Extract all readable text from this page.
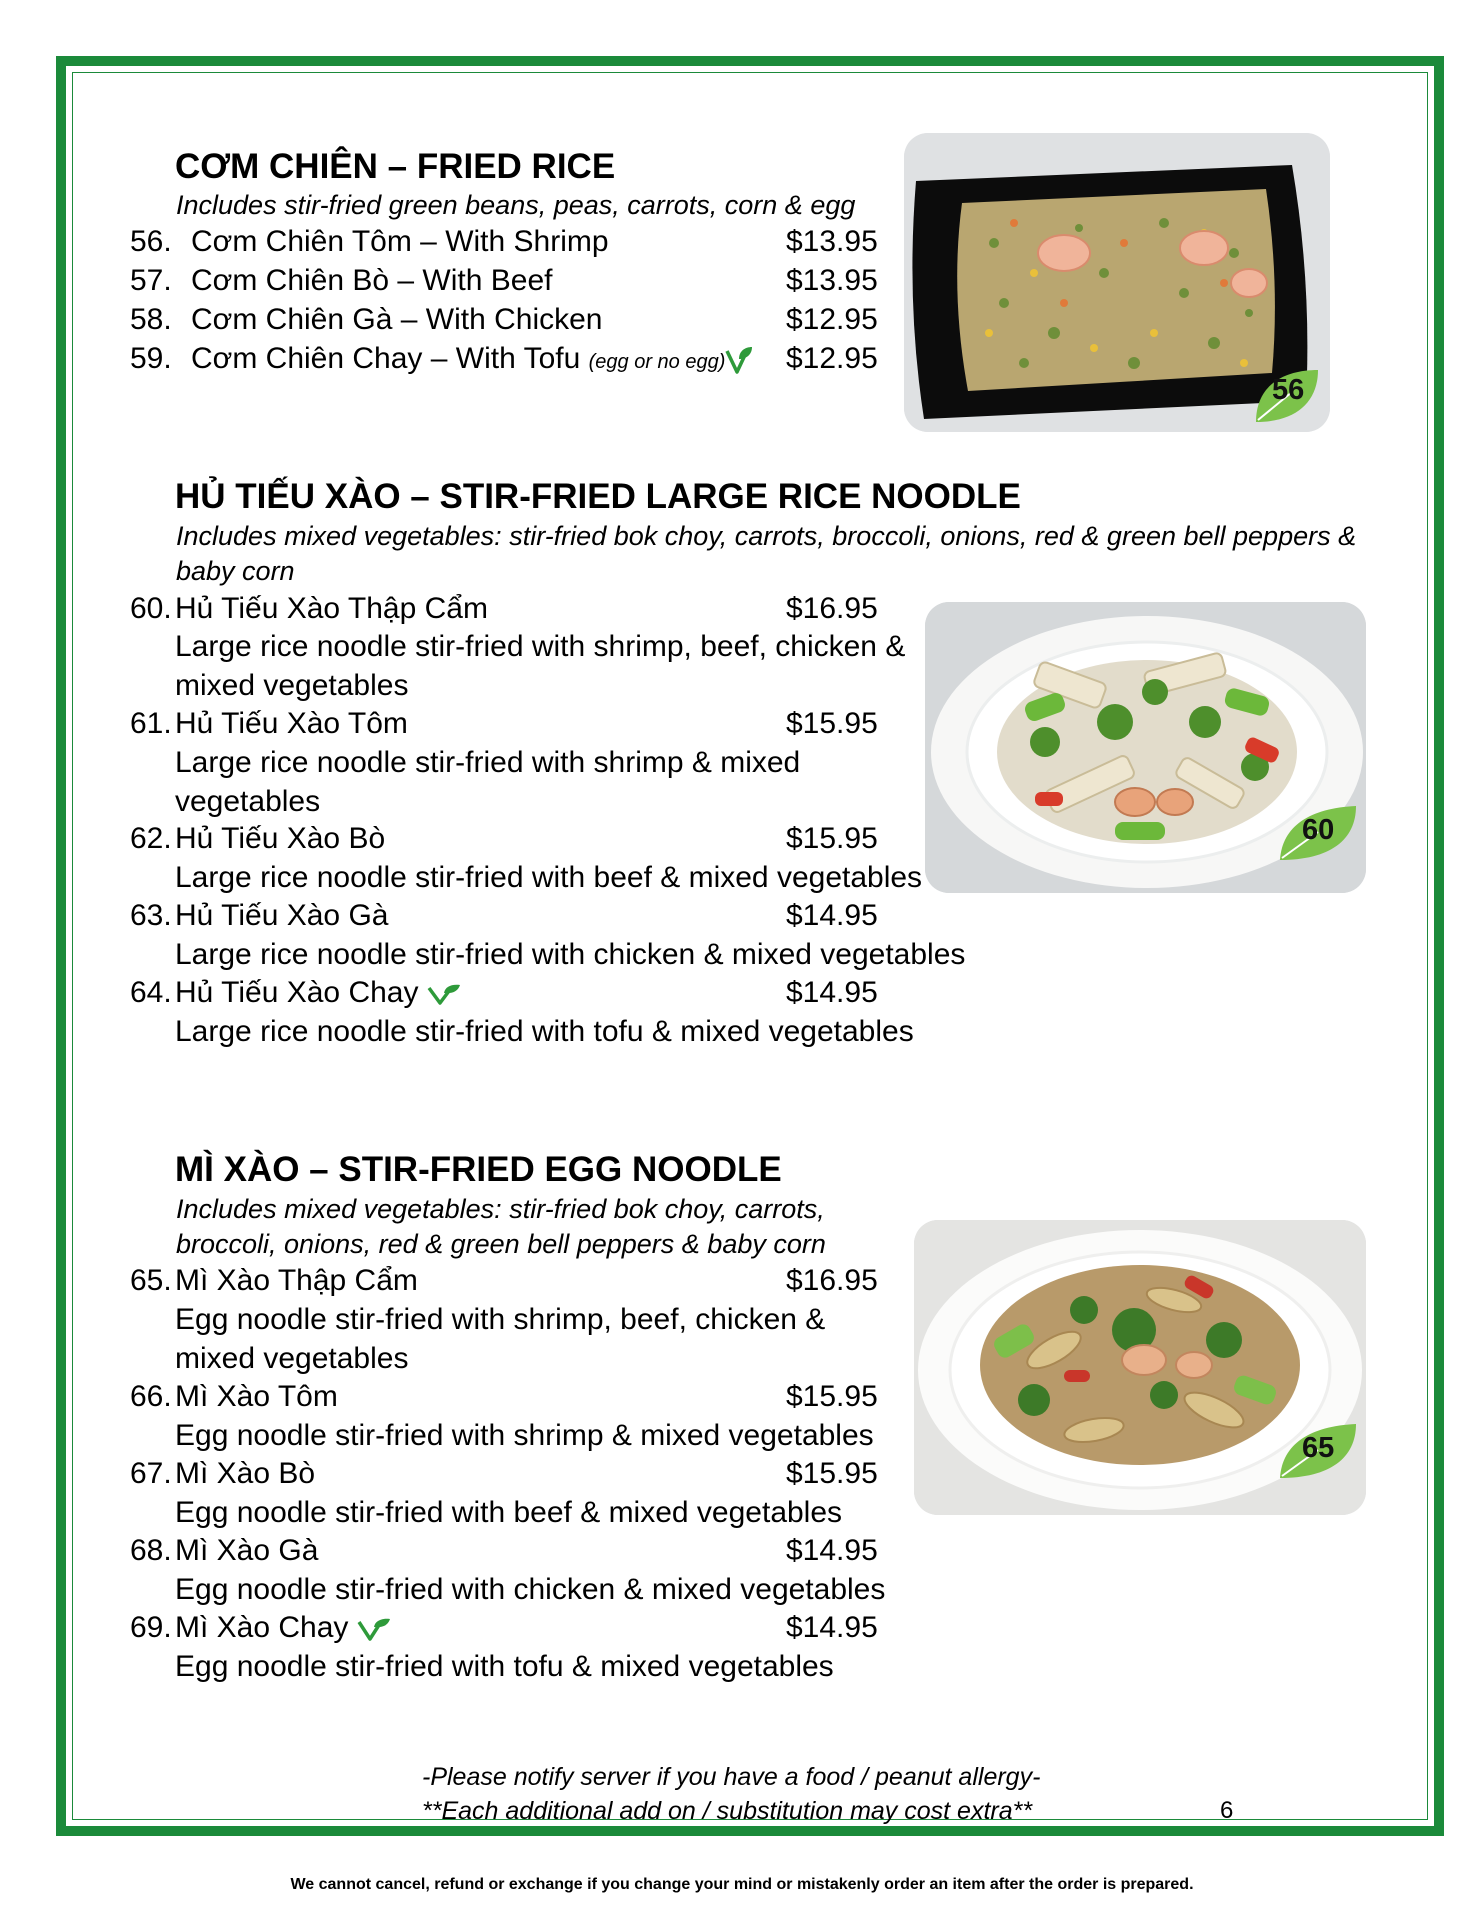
CƠM CHIÊN – FRIED RICE
Includes stir-fried green beans, peas, carrots, corn & egg
56. Cơm Chiên Tôm – With Shrimp	$13.95
57. Cơm Chiên Bò – With Beef	$13.95
58. Cơm Chiên Gà – With Chicken	$12.95
59. Cơm Chiên Chay – With Tofu (egg or no egg)	$12.95
56
HỦ TIẾU XÀO – STIR-FRIED LARGE RICE NOODLE
Includes mixed vegetables: stir-fried bok choy, carrots, broccoli, onions, red & green bell peppers &
baby corn
60. Hủ Tiếu Xào Thập Cẩm	$16.95
Large rice noodle stir-fried with shrimp, beef, chicken &
mixed vegetables
61. Hủ Tiếu Xào Tôm	$15.95
Large rice noodle stir-fried with shrimp & mixed
vegetables
62. Hủ Tiếu Xào Bò	$15.95
Large rice noodle stir-fried with beef & mixed vegetables
63. Hủ Tiếu Xào Gà	$14.95
Large rice noodle stir-fried with chicken & mixed vegetables
64. Hủ Tiếu Xào Chay	$14.95
Large rice noodle stir-fried with tofu & mixed vegetables
60
MÌ XÀO – STIR-FRIED EGG NOODLE
Includes mixed vegetables: stir-fried bok choy, carrots,
broccoli, onions, red & green bell peppers & baby corn
65. Mì Xào Thập Cẩm	$16.95
Egg noodle stir-fried with shrimp, beef, chicken &
mixed vegetables
66. Mì Xào Tôm	$15.95
Egg noodle stir-fried with shrimp & mixed vegetables
67. Mì Xào Bò	$15.95
Egg noodle stir-fried with beef & mixed vegetables
68. Mì Xào Gà	$14.95
Egg noodle stir-fried with chicken & mixed vegetables
69. Mì Xào Chay	$14.95
Egg noodle stir-fried with tofu & mixed vegetables
65
-Please notify server if you have a food / peanut allergy-
**Each additional add on / substitution may cost extra**	6
We cannot cancel, refund or exchange if you change your mind or mistakenly order an item after the order is prepared.
